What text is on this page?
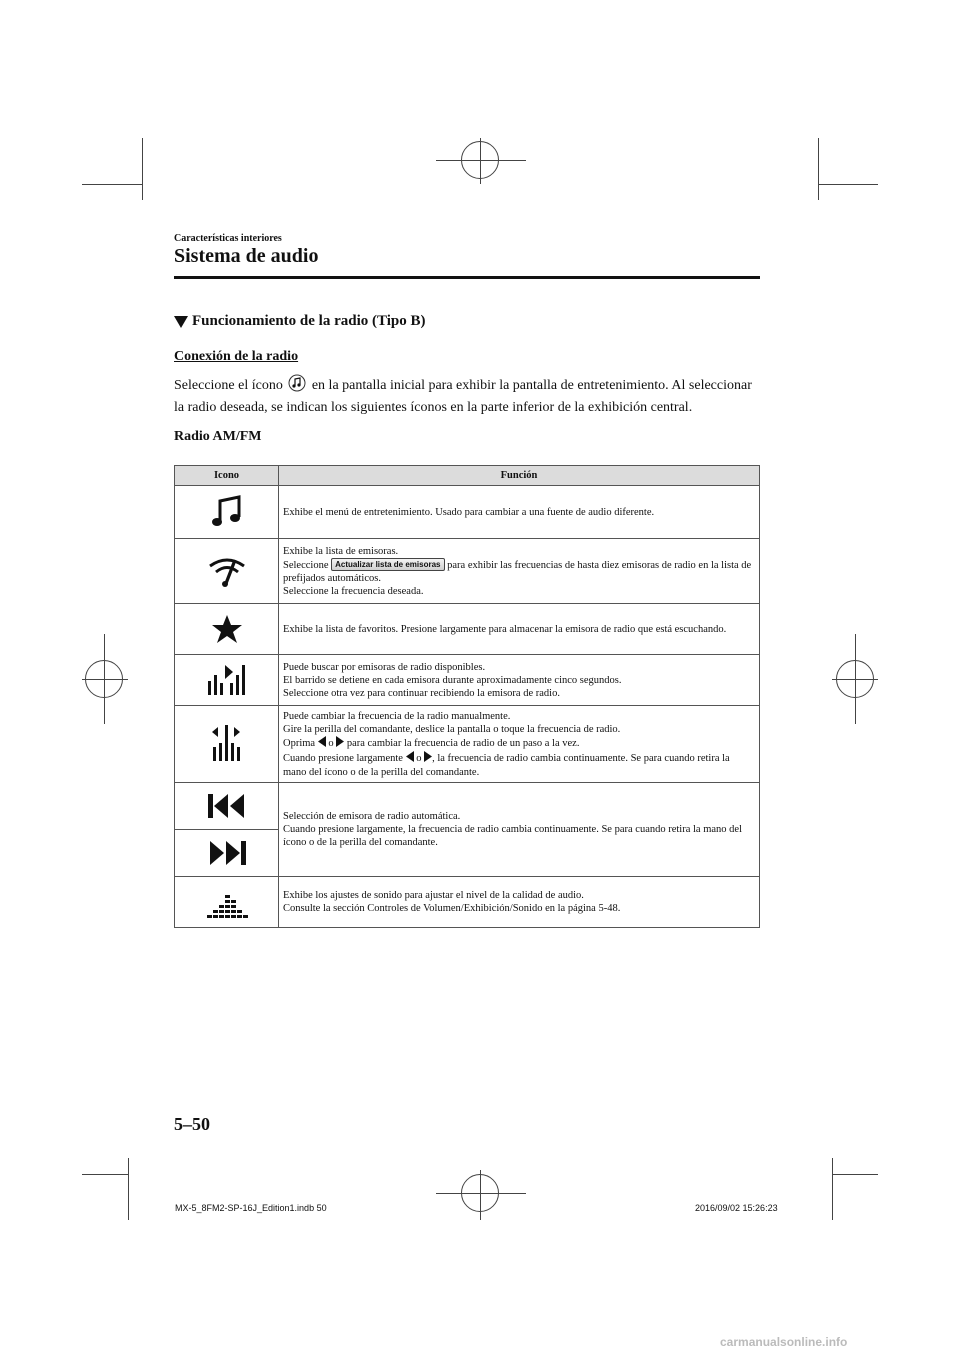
Características interiores
Sistema de audio
Funcionamiento de la radio (Tipo B)
Conexión de la radio
Seleccione el ícono en la pantalla inicial para exhibir la pantalla de entretenimiento. Al seleccionar la radio deseada, se indican los siguientes íconos en la parte inferior de la exhibición central.
Radio AM/FM
Icono	Función

	Exhibe el menú de entretenimiento. Usado para cambiar a una fuente de audio diferente.

Exhibe la lista de emisoras.
Seleccione Actualizar lista de emisoras para exhibir las frecuencias de hasta diez emisoras de radio en la lista de prefijados automáticos.
Seleccione la frecuencia deseada.

	Exhibe la lista de favoritos. Presione largamente para almacenar la emisora de radio que está escuchando.

Puede buscar por emisoras de radio disponibles.
El barrido se detiene en cada emisora durante aproximadamente cinco segundos.
Seleccione otra vez para continuar recibiendo la emisora de radio.

Puede cambiar la frecuencia de la radio manualmente.
Gire la perilla del comandante, deslice la pantalla o toque la frecuencia de radio.
Oprima o para cambiar la frecuencia de radio de un paso a la vez.
Cuando presione largamente o , la frecuencia de radio cambia continuamente. Se para cuando retira la mano del ícono o de la perilla del comandante.

Selección de emisora de radio automática.
Cuando presione largamente, la frecuencia de radio cambia continuamente. Se para cuando retira la mano del ícono o de la perilla del comandante.

Exhibe los ajustes de sonido para ajustar el nivel de la calidad de audio.
Consulte la sección Controles de Volumen/Exhibición/Sonido en la página 5-48.
5–50
MX-5_8FM2-SP-16J_Edition1.indb 50	2016/09/02 15:26:23
carmanualsonline.info
